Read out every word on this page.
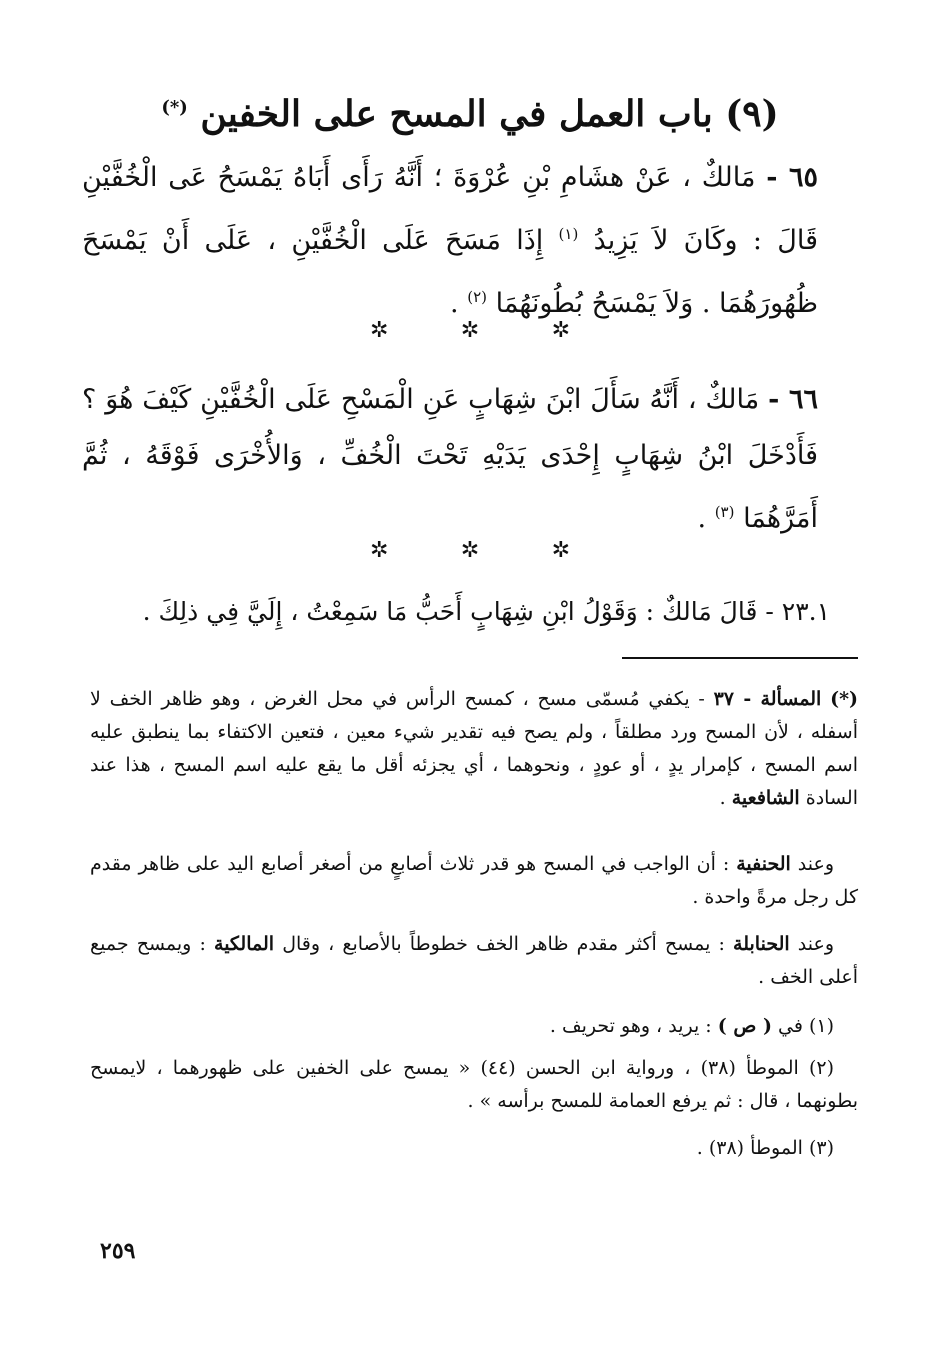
(٩) باب العمل في المسح على الخفين (*)
٦٥ - مَالكٌ ، عَنْ هشَامِ بْنِ عُرْوَةَ ؛ أَنَّهُ رَأَى أَبَاهُ يَمْسَحُ عَى الْخُفَّيْنِ قَالَ : وكَانَ لاَ يَزِيدُ $^{(١)}$ إِذَا مَسَحَ عَلَى الْخُفَّيْنِ ، عَلَى أَنْ يَمْسَحَ ظُهُورَهُمَا . وَلاَ يَمْسَحُ بُطُونَهُمَا $^{(٢)}$ .
✲	✲	✲
٦٦ - مَالكٌ ، أَنَّهُ سَأَلَ ابْنَ شِهَابٍ عَنِ الْمَسْحِ عَلَى الْخُفَّيْنِ كَيْفَ هُوَ ؟ فَأَدْخَلَ ابْنُ شِهَابٍ إِحْدَى يَدَيْهِ تَحْتَ الْخُفِّ ، وَالأُخْرَى فَوْقَهُ ، ثُمَّ أَمَرَّهُمَا $^{(٣)}$ .
✲	✲	✲
٢٣.١ - قَالَ مَالكٌ : وَقَوْلُ ابْنِ شِهَابٍ أَحَبُّ مَا سَمِعْتُ ، إِلَيَّ فِي ذلِكَ .
(*) المسألة - ٣٧ - يكفي مُسمّى مسح ، كمسح الرأس في محل الغرض ، وهو ظاهر الخف لا أسفله ، لأن المسح ورد مطلقاً ، ولم يصح فيه تقدير شيء معين ، فتعين الاكتفاء بما ينطبق عليه اسم المسح ، كإمرار يدٍ ، أو عودٍ ، ونحوهما ، أي يجزئه أقل ما يقع عليه اسم المسح ، هذا عند السادة الشافعية .
وعند الحنفية : أن الواجب في المسح هو قدر ثلاث أصابعٍ من أصغر أصابع اليد على ظاهر مقدم كل رجل مرةً واحدة .
وعند الحنابلة : يمسح أكثر مقدم ظاهر الخف خطوطاً بالأصابع ، وقال المالكية : ويمسح جميع أعلى الخف .
(١) في ( ص ) : يريد ، وهو تحريف .
(٢) الموطأ (٣٨) ، ورواية ابن الحسن (٤٤) « يمسح على الخفين على ظهورهما ، لايمسح بطونهما ، قال : ثم يرفع العمامة للمسح برأسه » .
(٣) الموطأ (٣٨) .
٢٥٩
